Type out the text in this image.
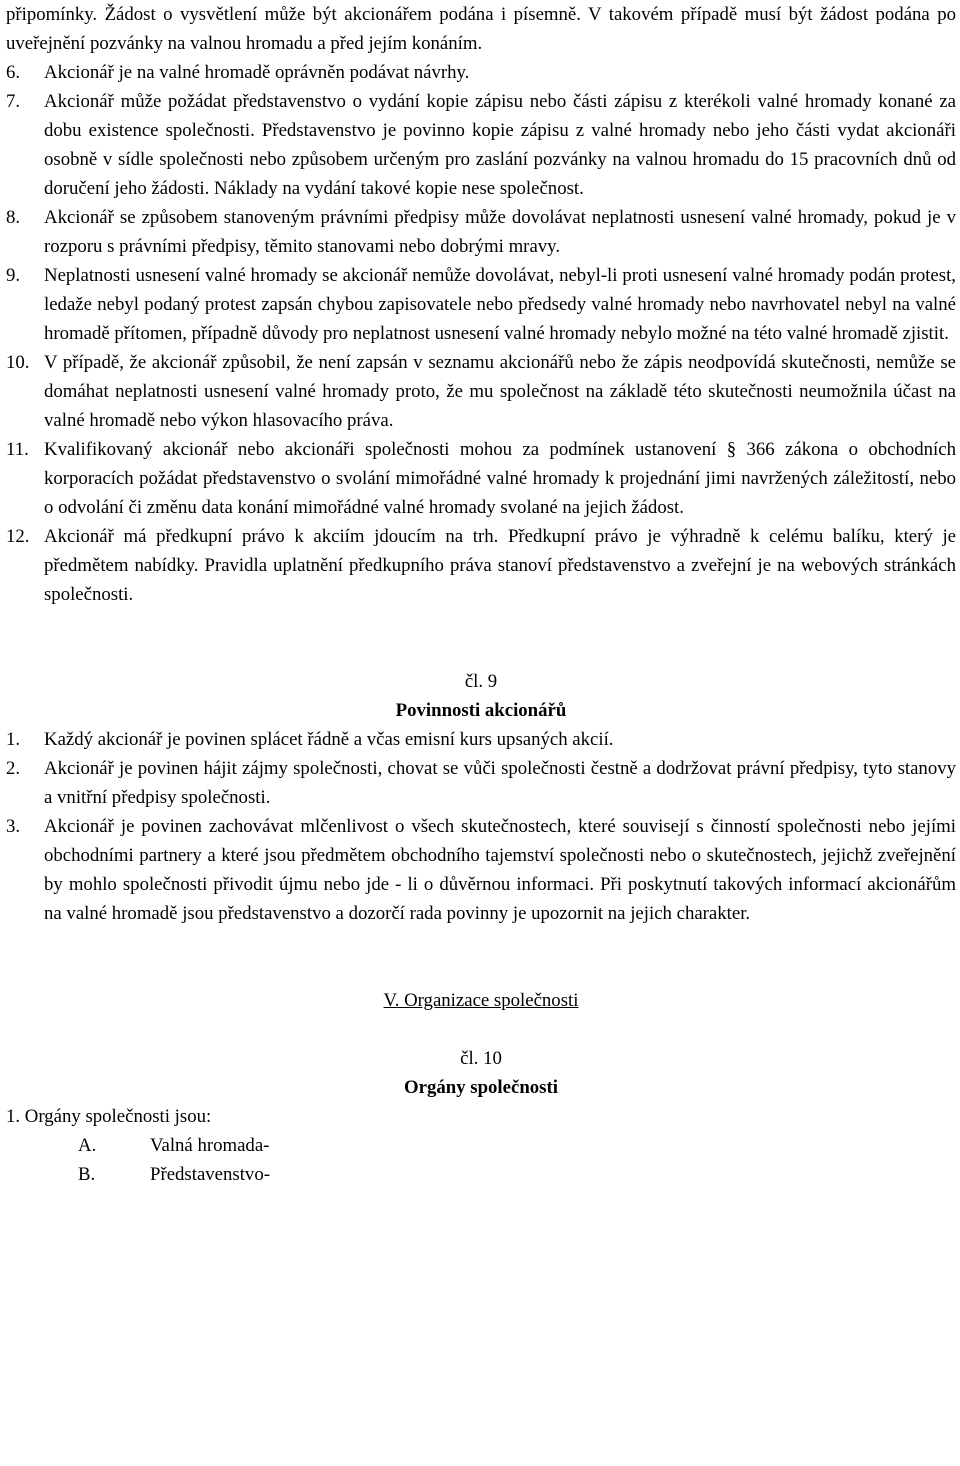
připomínky. Žádost o vysvětlení může být akcionářem podána i písemně. V takovém případě musí být žádost podána po uveřejnění pozvánky na valnou hromadu a před jejím konáním.

6. Akcionář je na valné hromadě oprávněn podávat návrhy.

7. Akcionář může požádat představenstvo o vydání kopie zápisu nebo části zápisu z kterékoli valné hromady konané za dobu existence společnosti. Představenstvo je povinno kopie zápisu z valné hromady nebo jeho části vydat akcionáři osobně v sídle společnosti nebo způsobem určeným pro zaslání pozvánky na valnou hromadu do 15 pracovních dnů od doručení jeho žádosti. Náklady na vydání takové kopie nese společnost.

8. Akcionář se způsobem stanoveným právními předpisy může dovolávat neplatnosti usnesení valné hromady, pokud je v rozporu s právními předpisy, těmito stanovami nebo dobrými mravy.

9. Neplatnosti usnesení valné hromady se akcionář nemůže dovolávat, nebyl-li proti usnesení valné hromady podán protest, ledaže nebyl podaný protest zapsán chybou zapisovatele nebo předsedy valné hromady nebo navrhovatel nebyl na valné hromadě přítomen, případně důvody pro neplatnost usnesení valné hromady nebylo možné na této valné hromadě zjistit.

10. V případě, že akcionář způsobil, že není zapsán v seznamu akcionářů nebo že zápis neodpovídá skutečnosti, nemůže se domáhat neplatnosti usnesení valné hromady proto, že mu společnost na základě této skutečnosti neumožnila účast na valné hromadě nebo výkon hlasovacího práva.

11. Kvalifikovaný akcionář nebo akcionáři společnosti mohou za podmínek ustanovení § 366 zákona o obchodních korporacích požádat představenstvo o svolání mimořádné valné hromady k projednání jimi navržených záležitostí, nebo o odvolání či změnu data konání mimořádné valné hromady svolané na jejich žádost.

12. Akcionář má předkupní právo k akciím jdoucím na trh. Předkupní právo je výhradně k celému balíku, který je předmětem nabídky. Pravidla uplatnění předkupního práva stanoví představenstvo a zveřejní je na webových stránkách společnosti.

čl. 9

Povinnosti akcionářů

1. Každý akcionář je povinen splácet řádně a včas emisní kurs upsaných akcií.

2. Akcionář je povinen hájit zájmy společnosti, chovat se vůči společnosti čestně a dodržovat právní předpisy, tyto stanovy a vnitřní předpisy společnosti.

3. Akcionář je povinen zachovávat mlčenlivost o všech skutečnostech, které souvisejí s činností společnosti nebo jejími obchodními partnery a které jsou předmětem obchodního tajemství společnosti nebo o skutečnostech, jejichž zveřejnění by mohlo společnosti přivodit újmu nebo jde - li o důvěrnou informaci. Při poskytnutí takových informací akcionářům na valné hromadě jsou představenstvo a dozorčí rada povinny je upozornit na jejich charakter.

V. Organizace společnosti

čl. 10

Orgány společnosti

1. Orgány společnosti jsou:

A.	Valná hromada-

B.	Představenstvo-
